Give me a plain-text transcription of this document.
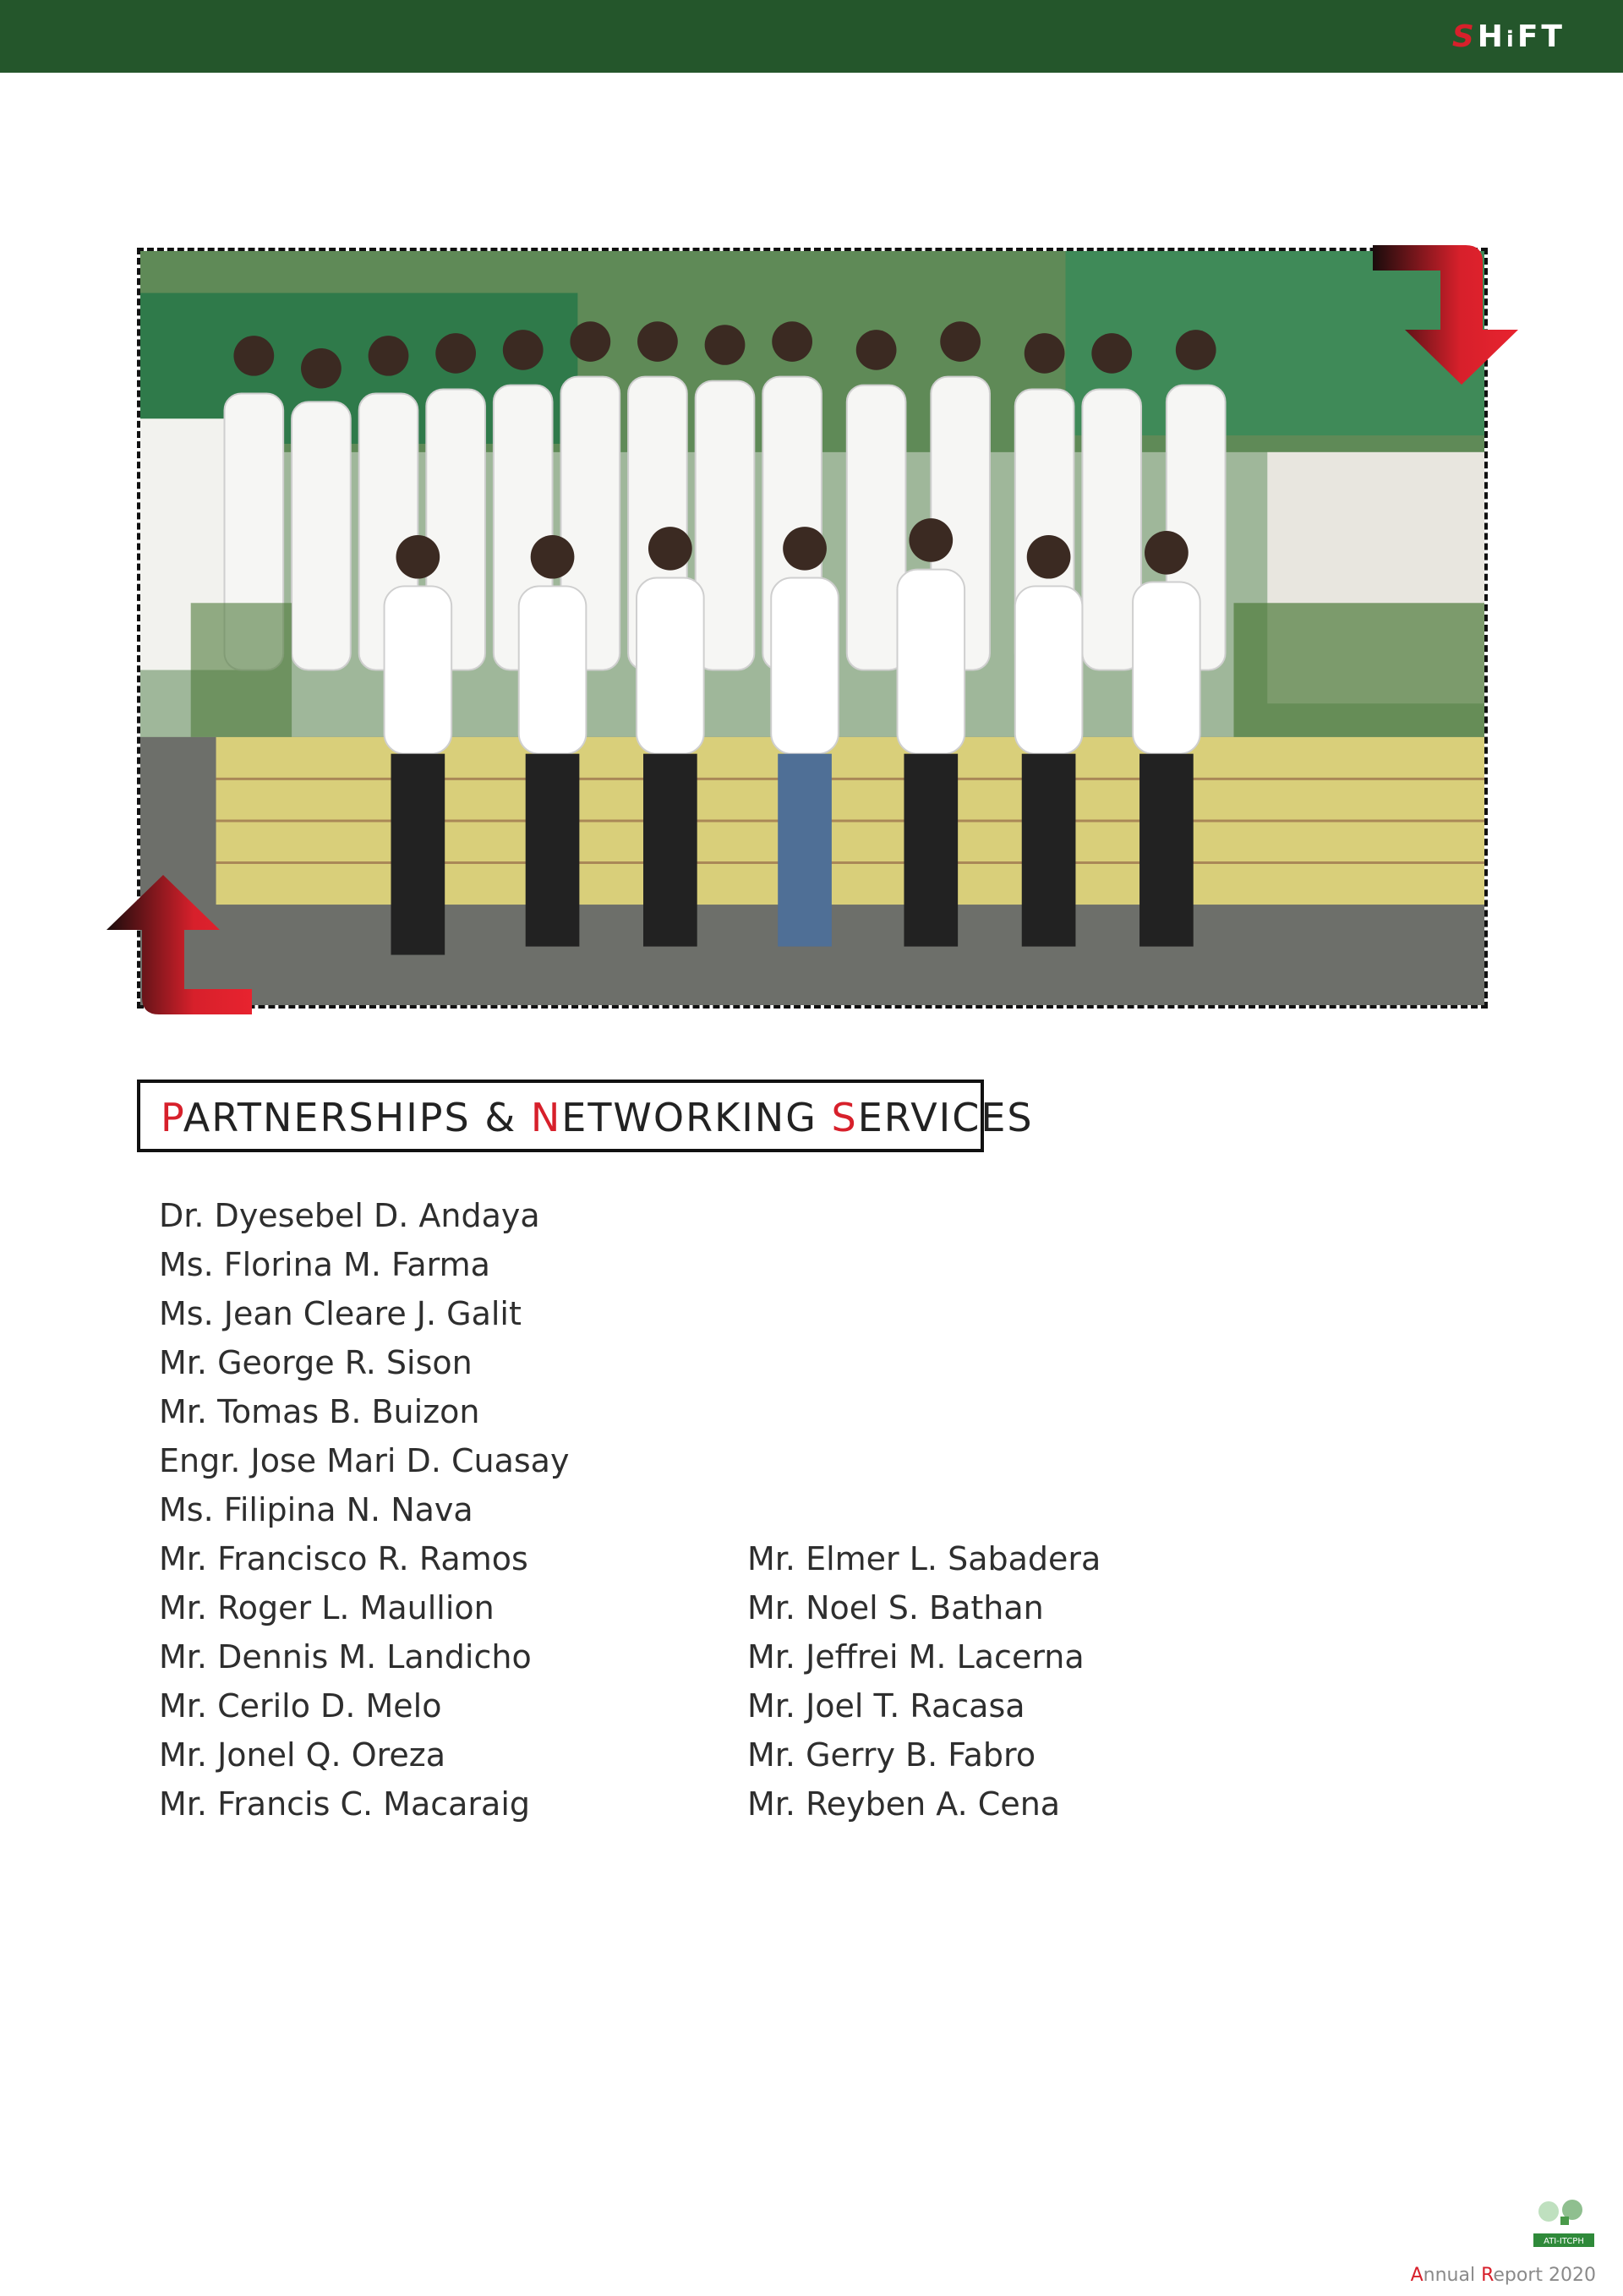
SHiFT
PARTNERSHIPS & NETWORKING SERVICES
Dr. Dyesebel D. Andaya
Ms. Florina M. Farma
Ms. Jean Cleare J. Galit
Mr. George R. Sison
Mr. Tomas B. Buizon
Engr. Jose Mari D. Cuasay
Ms. Filipina N. Nava
Mr. Francisco R. Ramos
Mr. Roger L. Maullion
Mr. Dennis M. Landicho
Mr. Cerilo D. Melo
Mr. Jonel Q. Oreza
Mr. Francis C. Macaraig
Mr. Elmer L. Sabadera
Mr. Noel S. Bathan
Mr. Jeffrei M. Lacerna
Mr. Joel T. Racasa
Mr. Gerry B. Fabro
Mr. Reyben A. Cena
ATI-ITCPH
Annual Report 2020
